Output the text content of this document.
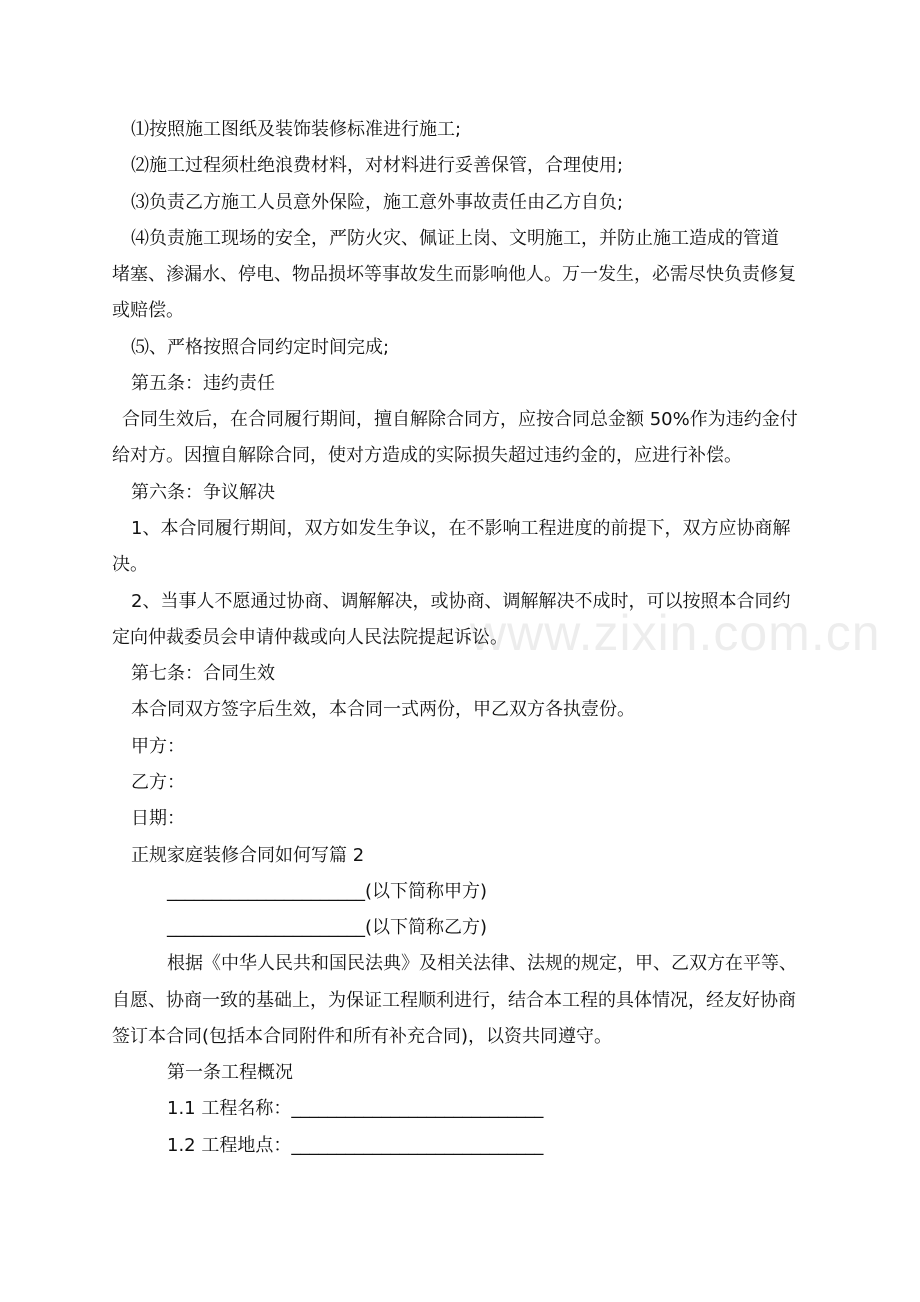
⑴按照施工图纸及装饰装修标准进行施工;
⑵施工过程须杜绝浪费材料，对材料进行妥善保管，合理使用;
⑶负责乙方施工人员意外保险，施工意外事故责任由乙方自负;
⑷负责施工现场的安全，严防火灾、佩证上岗、文明施工，并防止施工造成的管道
堵塞、渗漏水、停电、物品损坏等事故发生而影响他人。万一发生，必需尽快负责修复
或赔偿。
⑸、严格按照合同约定时间完成;
第五条：违约责任
合同生效后，在合同履行期间，擅自解除合同方，应按合同总金额 50%作为违约金付
给对方。因擅自解除合同，使对方造成的实际损失超过违约金的，应进行补偿。
第六条：争议解决
1、本合同履行期间，双方如发生争议，在不影响工程进度的前提下，双方应协商解
决。
2、当事人不愿通过协商、调解解决，或协商、调解解决不成时，可以按照本合同约
定向仲裁委员会申请仲裁或向人民法院提起诉讼。
第七条：合同生效
本合同双方签字后生效，本合同一式两份，甲乙双方各执壹份。
甲方：
乙方：
日期：
正规家庭装修合同如何写篇 2
______________________(以下简称甲方)
______________________(以下简称乙方)
根据《中华人民共和国民法典》及相关法律、法规的规定，甲、乙双方在平等、
自愿、协商一致的基础上，为保证工程顺利进行，结合本工程的具体情况，经友好协商
签订本合同(包括本合同附件和所有补充合同)，以资共同遵守。
第一条工程概况
1.1 工程名称：____________________________
1.2 工程地点：____________________________
www.zixin.com.cn
